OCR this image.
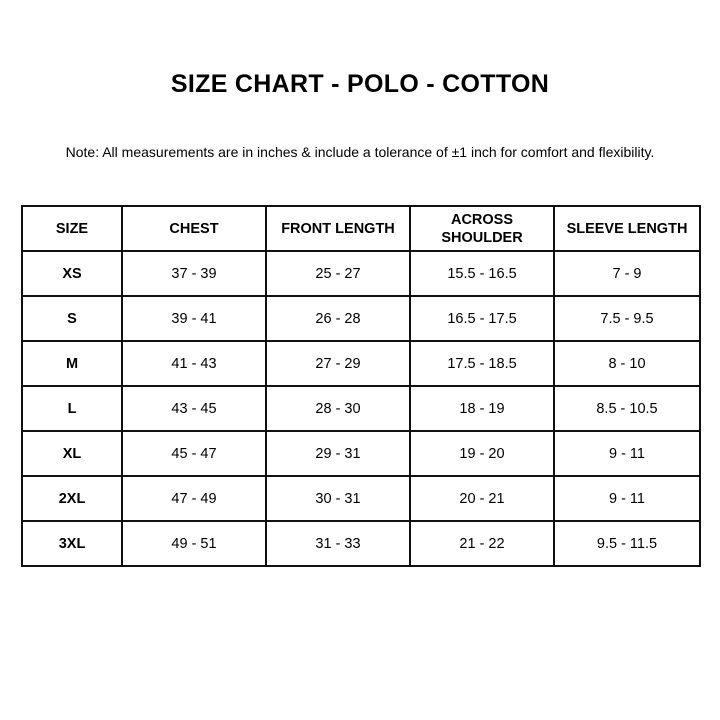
SIZE CHART - POLO - COTTON
Note: All measurements are in inches & include a tolerance of ±1 inch for comfort and flexibility.
SIZE	CHEST	FRONT LENGTH	ACROSS SHOULDER	SLEEVE LENGTH
XS	37 - 39	25 - 27	15.5 - 16.5	7 - 9
S	39 - 41	26 - 28	16.5 - 17.5	7.5 - 9.5
M	41 - 43	27 - 29	17.5 - 18.5	8 - 10
L	43 - 45	28 - 30	18 - 19	8.5 - 10.5
XL	45 - 47	29 - 31	19 - 20	9 - 11
2XL	47 - 49	30 - 31	20 - 21	9 - 11
3XL	49 - 51	31 - 33	21 - 22	9.5 - 11.5
